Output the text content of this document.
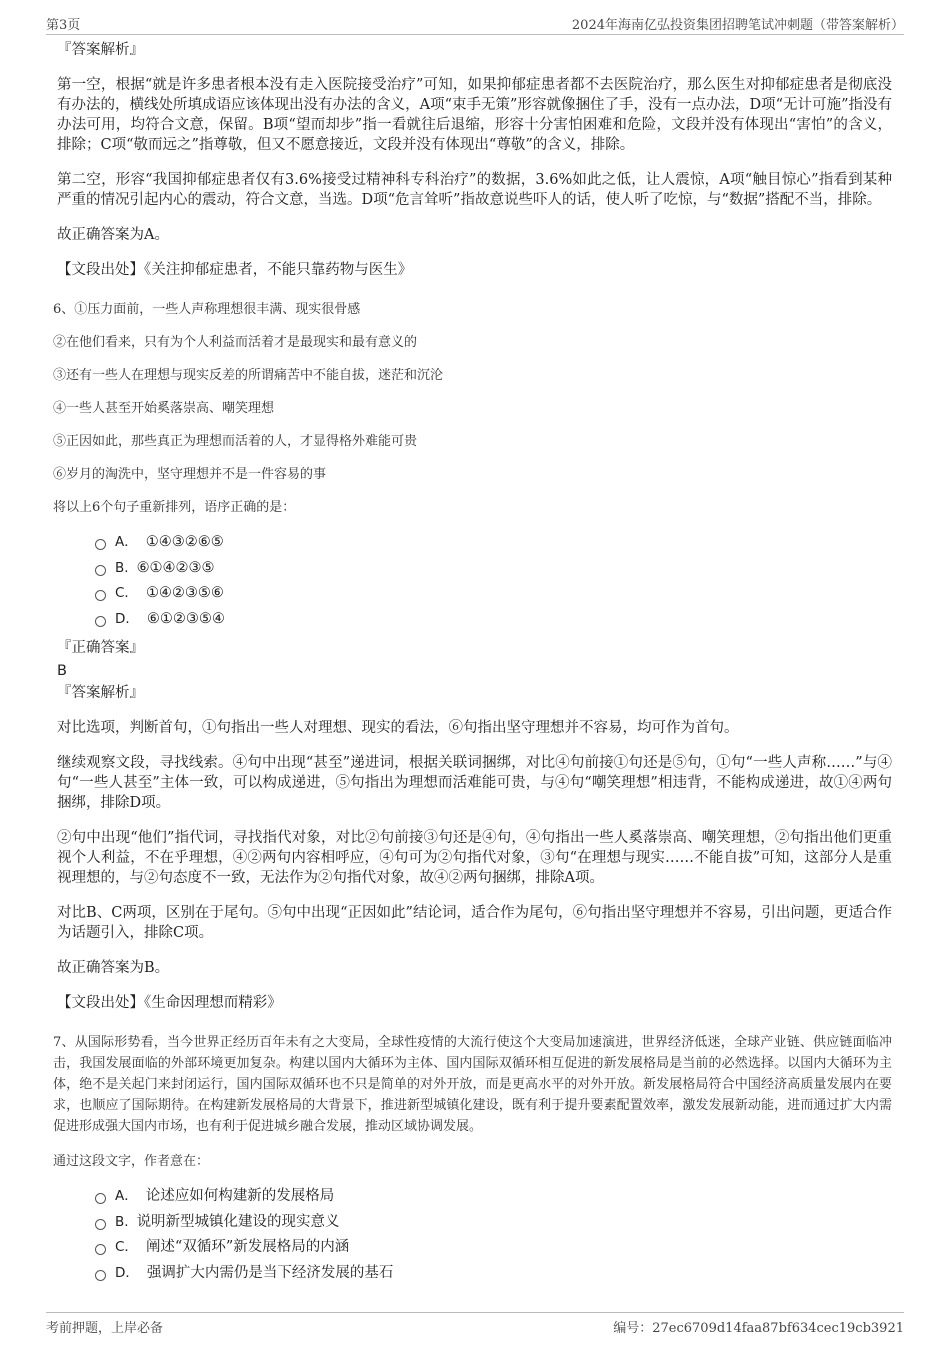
第3页	2024年海南亿弘投资集团招聘笔试冲刺题（带答案解析）
『答案解析』

第一空，根据“就是许多患者根本没有走入医院接受治疗”可知，如果抑郁症患者都不去医院治疗，那么医生对抑郁症患者是彻底没有办法的，横线处所填成语应该体现出没有办法的含义，A项“束手无策”形容就像捆住了手，没有一点办法，D项“无计可施”指没有办法可用，均符合文意，保留。B项“望而却步”指一看就往后退缩，形容十分害怕困难和危险，文段并没有体现出“害怕”的含义，排除；C项“敬而远之”指尊敬，但又不愿意接近，文段并没有体现出“尊敬”的含义，排除。

第二空，形容“我国抑郁症患者仅有3.6%接受过精神科专科治疗”的数据，3.6%如此之低，让人震惊，A项“触目惊心”指看到某种严重的情况引起内心的震动，符合文意，当选。D项“危言耸听”指故意说些吓人的话，使人听了吃惊，与“数据”搭配不当，排除。

故正确答案为A。

【文段出处】《关注抑郁症患者，不能只靠药物与医生》
6、①压力面前，一些人声称理想很丰满、现实很骨感
②在他们看来，只有为个人利益而活着才是最现实和最有意义的
③还有一些人在理想与现实反差的所谓痛苦中不能自拔，迷茫和沉沦
④一些人甚至开始奚落崇高、嘲笑理想
⑤正因如此，那些真正为理想而活着的人，才显得格外难能可贵
⑥岁月的淘洗中，坚守理想并不是一件容易的事
将以上6个句子重新排列，语序正确的是：
A． ①④③②⑥⑤
B. ⑥①④②③⑤
C． ①④②③⑤⑥
D． ⑥①②③⑤④
『正确答案』
B
『答案解析』

对比选项，判断首句，①句指出一些人对理想、现实的看法，⑥句指出坚守理想并不容易，均可作为首句。

继续观察文段，寻找线索。④句中出现“甚至”递进词，根据关联词捆绑，对比④句前接①句还是⑤句，①句“一些人声称……”与④句“一些人甚至”主体一致，可以构成递进，⑤句指出为理想而活难能可贵，与④句“嘲笑理想”相违背，不能构成递进，故①④两句捆绑，排除D项。

②句中出现“他们”指代词，寻找指代对象，对比②句前接③句还是④句，④句指出一些人奚落崇高、嘲笑理想，②句指出他们更重视个人利益，不在乎理想，④②两句内容相呼应，④句可为②句指代对象，③句“在理想与现实……不能自拔”可知，这部分人是重视理想的，与②句态度不一致，无法作为②句指代对象，故④②两句捆绑，排除A项。

对比B、C两项，区别在于尾句。⑤句中出现“正因如此”结论词，适合作为尾句，⑥句指出坚守理想并不容易，引出问题，更适合作为话题引入，排除C项。

故正确答案为B。

【文段出处】《生命因理想而精彩》

7、从国际形势看，当今世界正经历百年未有之大变局，全球性疫情的大流行使这个大变局加速演进，世界经济低迷，全球产业链、供应链面临冲击，我国发展面临的外部环境更加复杂。构建以国内大循环为主体、国内国际双循环相互促进的新发展格局是当前的必然选择。以国内大循环为主体，绝不是关起门来封闭运行，国内国际双循环也不只是简单的对外开放，而是更高水平的对外开放。新发展格局符合中国经济高质量发展内在要求，也顺应了国际期待。在构建新发展格局的大背景下，推进新型城镇化建设，既有利于提升要素配置效率，激发发展新动能，进而通过扩大内需促进形成强大国内市场，也有利于促进城乡融合发展，推动区域协调发展。

通过这段文字，作者意在：
A． 论述应如何构建新的发展格局
B. 说明新型城镇化建设的现实意义
C． 阐述“双循环”新发展格局的内涵
D． 强调扩大内需仍是当下经济发展的基石
考前押题，上岸必备	编号：27ec6709d14faa87bf634cec19cb3921
